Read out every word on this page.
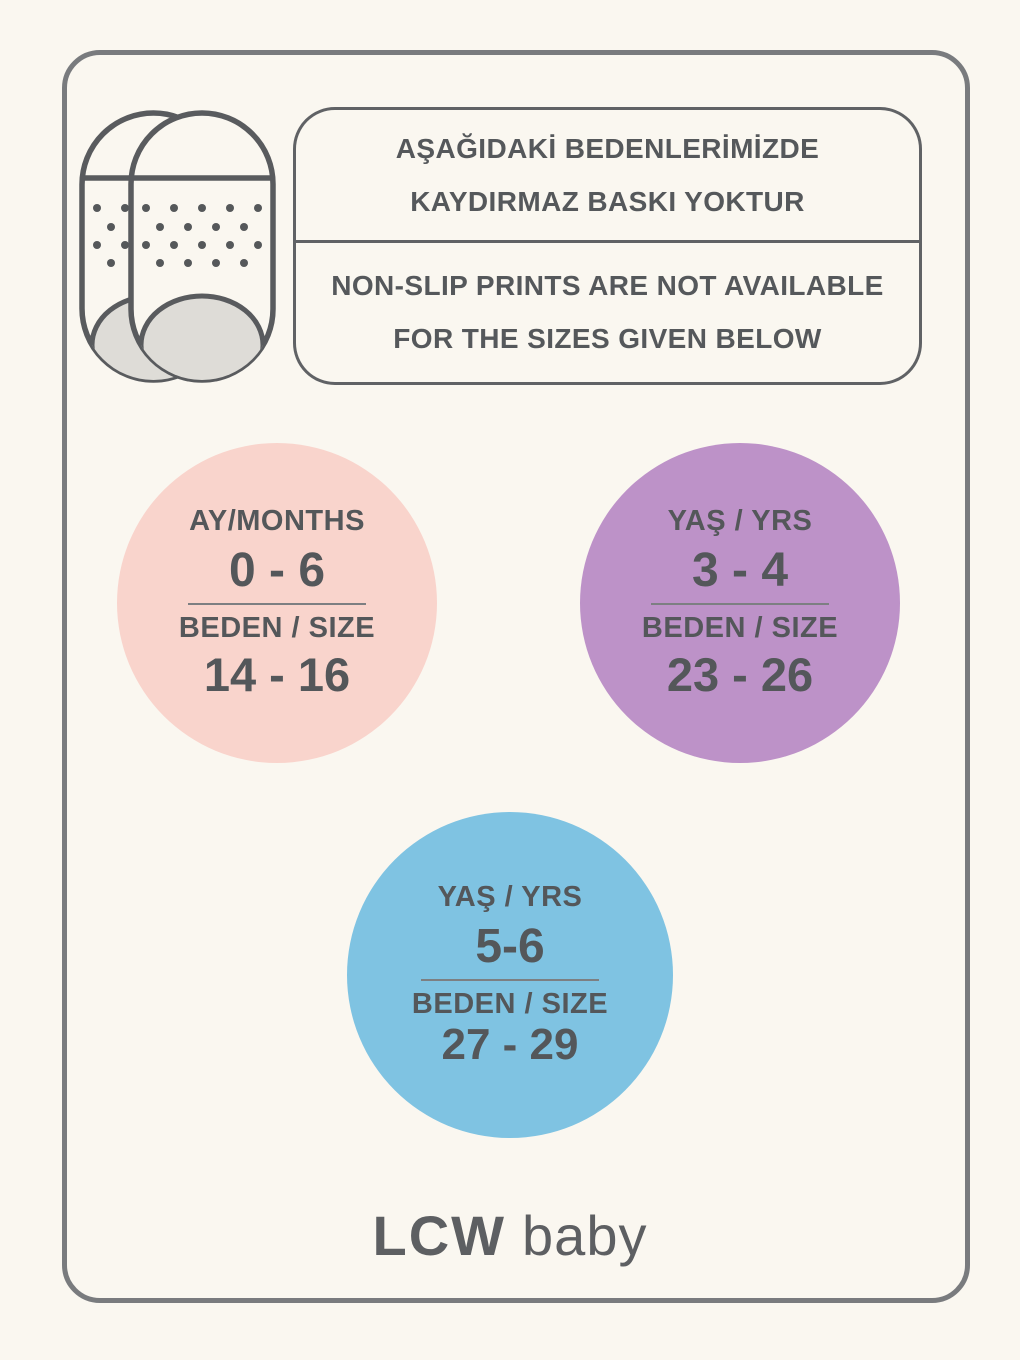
AŞAĞIDAKİ BEDENLERİMİZDE
KAYDIRMAZ BASKI YOKTUR
NON-SLIP PRINTS ARE NOT AVAILABLE
FOR THE SIZES GIVEN BELOW
AY/MONTHS
0 - 6
BEDEN / SIZE
14 - 16
YAŞ / YRS
3 - 4
BEDEN / SIZE
23 - 26
YAŞ / YRS
5-6
BEDEN / SIZE
27 - 29
LCW baby
